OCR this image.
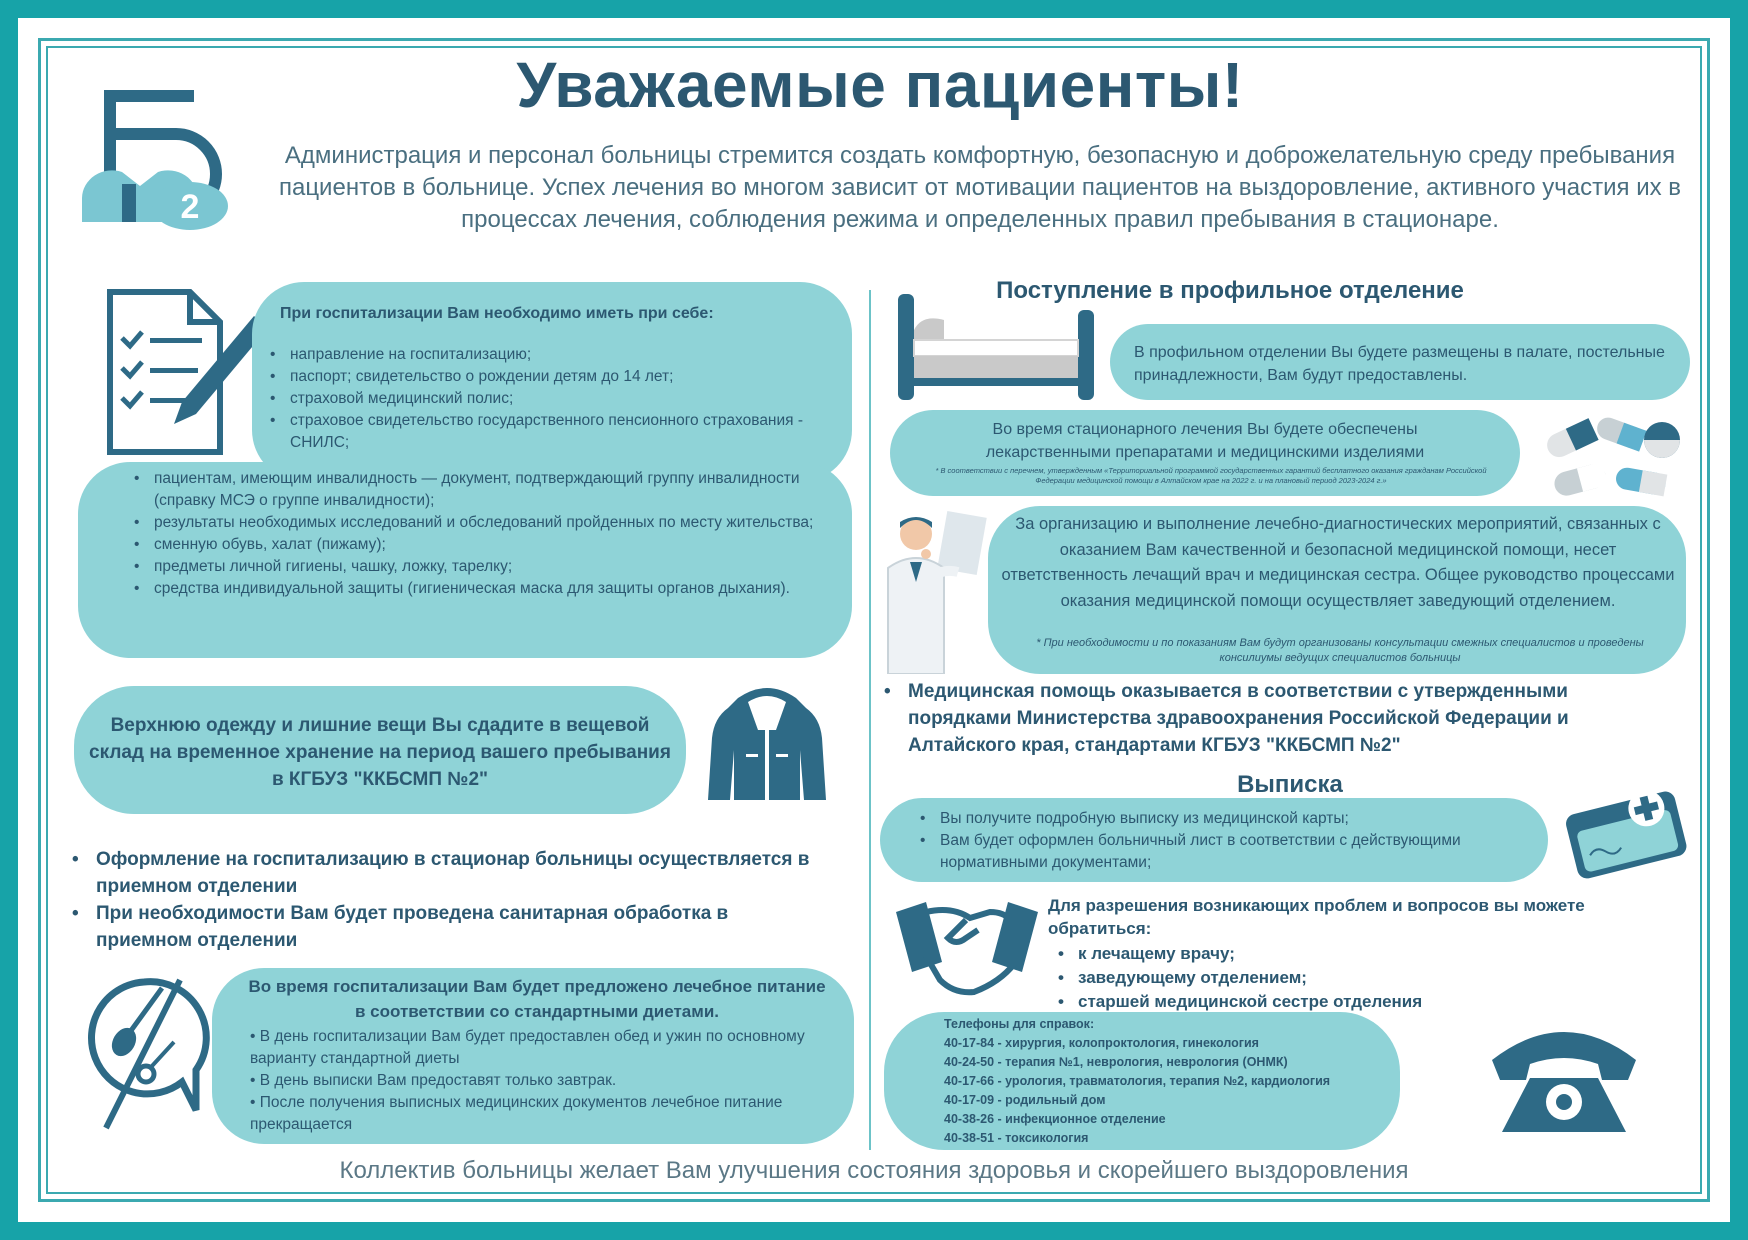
2
Уважаемые пациенты!
Администрация и персонал больницы стремится создать комфортную, безопасную и доброжелательную среду пребывания пациентов в больнице. Успех лечения во многом зависит от мотивации пациентов на выздоровление, активного участия их в процессах лечения, соблюдения режима и определенных правил пребывания в стационаре.
При госпитализации Вам необходимо иметь при себе:
• направление на госпитализацию;
• паспорт; свидетельство о рождении детям до 14 лет;
• страховой медицинский полис;
• страховое свидетельство государственного пенсионного страхования - СНИЛС;
• пациентам, имеющим инвалидность — документ, подтверждающий группу инвалидности (справку МСЭ о группе инвалидности);
• результаты необходимых исследований и обследований пройденных по месту жительства;
• сменную обувь, халат (пижаму);
• предметы личной гигиены, чашку, ложку, тарелку;
• средства индивидуальной защиты (гигиеническая маска для защиты органов дыхания).
Верхнюю одежду и лишние вещи Вы сдадите в вещевой склад на временное хранение на период вашего пребывания в КГБУЗ "ККБСМП №2"
• Оформление на госпитализацию в стационар больницы осуществляется в приемном отделении
• При необходимости Вам будет проведена санитарная обработка в приемном отделении
Во время госпитализации Вам будет предложено лечебное питание в соответствии со стандартными диетами.
• В день госпитализации Вам будет предоставлен обед и ужин по основному варианту стандартной диеты
• В день выписки Вам предоставят только завтрак.
• После получения выписных медицинских документов лечебное питание прекращается
Поступление в профильное отделение
В профильном отделении Вы будете размещены в палате, постельные принадлежности, Вам будут предоставлены.
Во время стационарного лечения Вы будете обеспечены лекарственными препаратами и медицинскими изделиями
* В соответствии с перечнем, утвержденным «Территориальной программой государственных гарантий бесплатного оказания гражданам Российской Федерации медицинской помощи в Алтайском крае на 2022 г. и на плановый период 2023-2024 г.»
За организацию и выполнение лечебно-диагностических мероприятий, связанных с оказанием Вам качественной и безопасной медицинской помощи, несет ответственность лечащий врач и медицинская сестра. Общее руководство процессами оказания медицинской помощи осуществляет заведующий отделением.
* При необходимости и по показаниям Вам будут организованы консультации смежных специалистов и проведены консилиумы ведущих специалистов больницы
• Медицинская помощь оказывается в соответствии с утвержденными порядками Министерства здравоохранения Российской Федерации и Алтайского края, стандартами КГБУЗ "ККБСМП №2"
Выписка
• Вы получите подробную выписку из медицинской карты;
• Вам будет оформлен больничный лист в соответствии с действующими нормативными документами;
Для разрешения возникающих проблем и вопросов вы можете обратиться:
• к лечащему врачу;
• заведующему отделением;
• старшей медицинской сестре отделения
Телефоны для справок:
40-17-84 - хирургия, колопроктология, гинекология
40-24-50 - терапия №1, неврология, неврология (ОНМК)
40-17-66 - урология, травматология, терапия №2, кардиология
40-17-09 - родильный дом
40-38-26 - инфекционное отделение
40-38-51 - токсикология
Коллектив больницы желает Вам улучшения состояния здоровья и скорейшего выздоровления
